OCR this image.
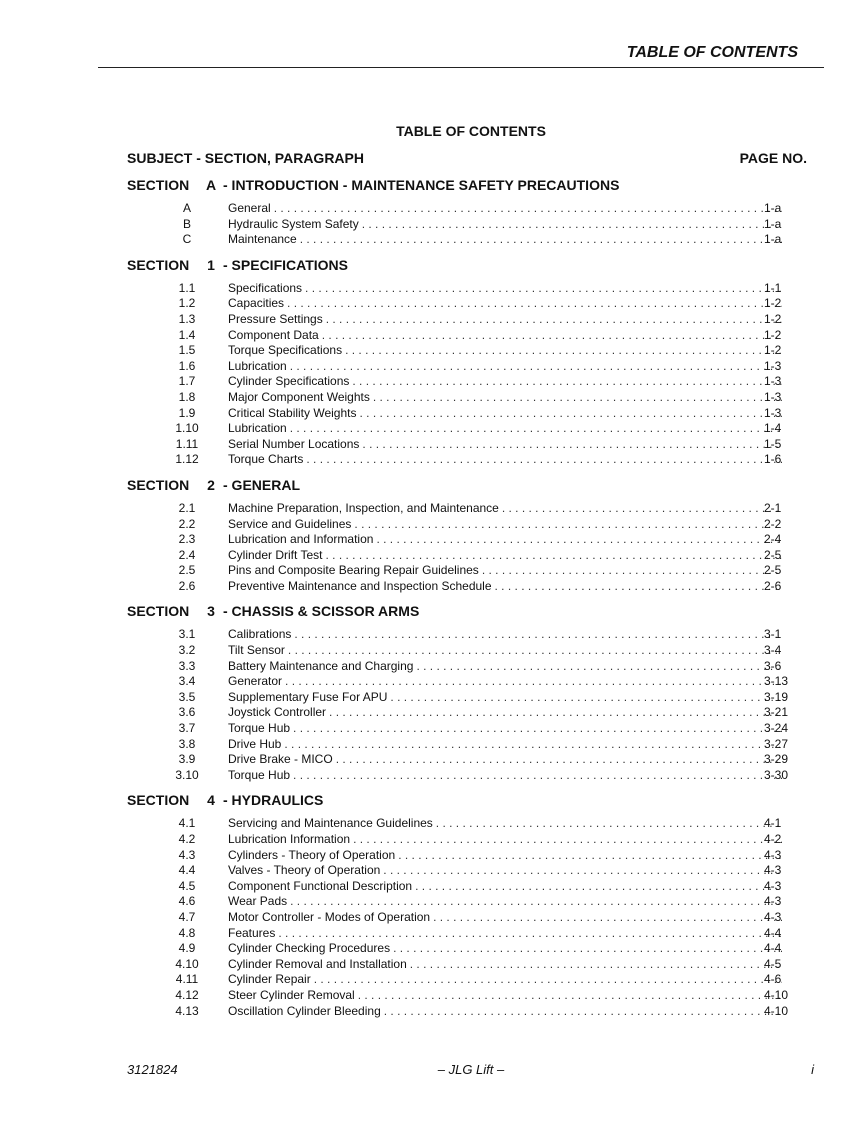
TABLE OF CONTENTS
TABLE OF CONTENTS
SUBJECT - SECTION, PARAGRAPH	PAGE NO.
SECTION A - INTRODUCTION - MAINTENANCE SAFETY PRECAUTIONS
A	General . . .	1-a
B	Hydraulic System Safety . . .	1-a
C	Maintenance . . .	1-a
SECTION 1 - SPECIFICATIONS
1.1	Specifications . . .	1-1
1.2	Capacities . . .	1-2
1.3	Pressure Settings . . .	1-2
1.4	Component Data . . .	1-2
1.5	Torque Specifications . . .	1-2
1.6	Lubrication . . .	1-3
1.7	Cylinder Specifications . . .	1-3
1.8	Major Component Weights . . .	1-3
1.9	Critical Stability Weights . . .	1-3
1.10 Lubrication . . .	1-4
1.11	Serial Number Locations . . .	1-5
1.12 Torque Charts . . .	1-6
SECTION 2 - GENERAL
2.1	Machine Preparation, Inspection, and Maintenance . . .	2-1
2.2	Service and Guidelines . . .	2-2
2.3	Lubrication and Information . . .	2-4
2.4	Cylinder Drift Test . . .	2-5
2.5	Pins and Composite Bearing Repair Guidelines . . .	2-5
2.6	Preventive Maintenance and Inspection Schedule . . .	2-6
SECTION 3 - CHASSIS & SCISSOR ARMS
3.1	Calibrations . . .	3-1
3.2	Tilt Sensor . . .	3-4
3.3	Battery Maintenance and Charging . . .	3-6
3.4	Generator . . .	3-13
3.5	Supplementary Fuse For APU . . .	3-19
3.6	Joystick Controller . . .	3-21
3.7	Torque Hub . . .	3-24
3.8	Drive Hub . . .	3-27
3.9	Drive Brake - MICO . . .	3-29
3.10 Torque Hub . . .	3-30
SECTION 4 - HYDRAULICS
4.1	Servicing and Maintenance Guidelines . . .	4-1
4.2	Lubrication Information . . .	4-2
4.3	Cylinders - Theory of Operation . . .	4-3
4.4	Valves - Theory of Operation . . .	4-3
4.5	Component Functional Description . . .	4-3
4.6	Wear Pads . . .	4-3
4.7	Motor Controller - Modes of Operation . . .	4-3
4.8	Features . . .	4-4
4.9	Cylinder Checking Procedures . . .	4-4
4.10 Cylinder Removal and Installation . . .	4-5
4.11	Cylinder Repair . . .	4-6
4.12 Steer Cylinder Removal . . .	4-10
4.13 Oscillation Cylinder Bleeding . . .	4-10
3121824	– JLG Lift –	i
